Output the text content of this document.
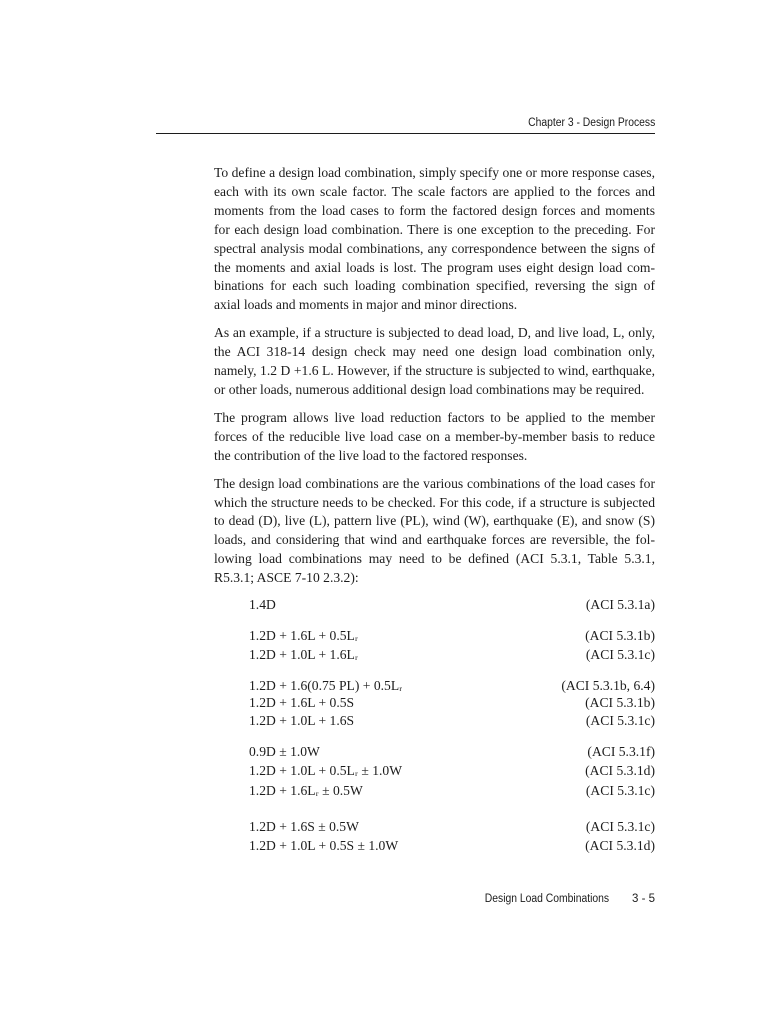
Chapter 3 - Design Process

To define a design load combination, simply specify one or more response cases, each with its own scale factor. The scale factors are applied to the forces and moments from the load cases to form the factored design forces and moments for each design load combination. There is one exception to the preceding. For spectral analysis modal combinations, any correspondence between the signs of the moments and axial loads is lost. The program uses eight design load combinations for each such loading combination specified, reversing the sign of axial loads and moments in major and minor directions.

As an example, if a structure is subjected to dead load, D, and live load, L, only, the ACI 318-14 design check may need one design load combination only, namely, 1.2 D +1.6 L. However, if the structure is subjected to wind, earthquake, or other loads, numerous additional design load combinations may be required.

The program allows live load reduction factors to be applied to the member forces of the reducible live load case on a member-by-member basis to reduce the contribution of the live load to the factored responses.

The design load combinations are the various combinations of the load cases for which the structure needs to be checked. For this code, if a structure is subjected to dead (D), live (L), pattern live (PL), wind (W), earthquake (E), and snow (S) loads, and considering that wind and earthquake forces are reversible, the following load combinations may need to be defined (ACI 5.3.1, Table 5.3.1, R5.3.1; ASCE 7-10 2.3.2):

1.4D	(ACI 5.3.1a)
1.2D + 1.6L + 0.5Lᵣ	(ACI 5.3.1b)
1.2D + 1.0L + 1.6Lᵣ	(ACI 5.3.1c)
1.2D + 1.6(0.75 PL) + 0.5Lᵣ	(ACI 5.3.1b, 6.4)
1.2D + 1.6L + 0.5S	(ACI 5.3.1b)
1.2D + 1.0L + 1.6S	(ACI 5.3.1c)
0.9D ± 1.0W	(ACI 5.3.1f)
1.2D + 1.0L + 0.5Lᵣ ± 1.0W	(ACI 5.3.1d)
1.2D + 1.6Lᵣ ± 0.5W	(ACI 5.3.1c)
1.2D + 1.6S ± 0.5W	(ACI 5.3.1c)
1.2D + 1.0L + 0.5S ± 1.0W	(ACI 5.3.1d)
Design Load Combinations 3 - 5
